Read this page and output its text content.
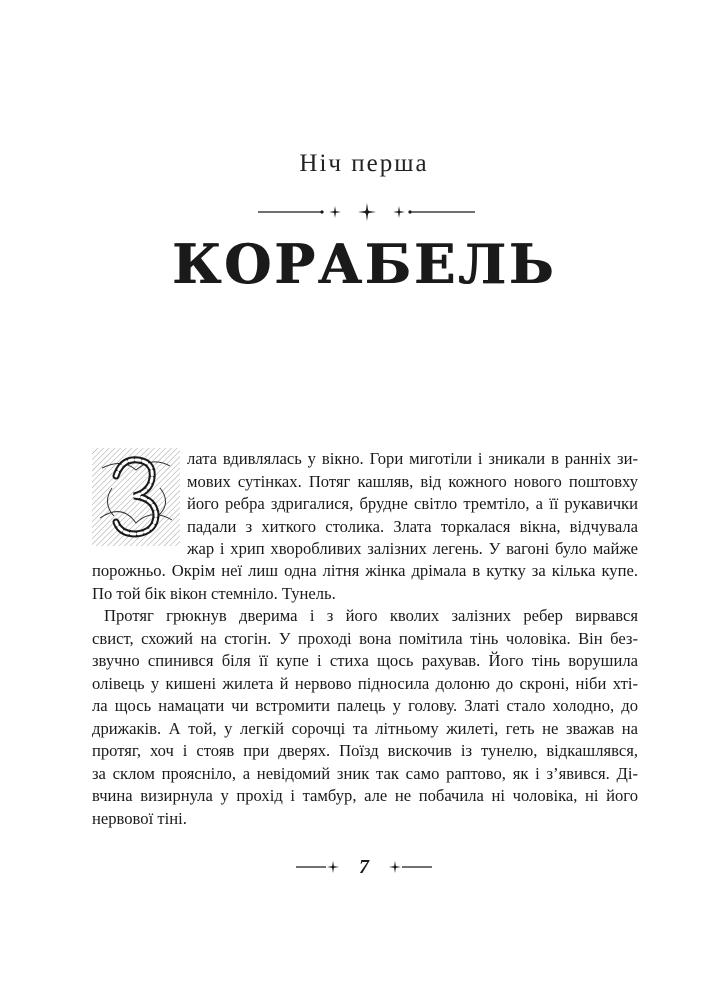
Ніч перша
КОРАБЕЛЬ
З
лата вдивлялась у вікно. Гори миготіли і зникали в ранніх зи-
мових сутінках. Потяг кашляв, від кожного нового поштовху
його ребра здригалися, брудне світло тремтіло, а її рукавички
падали з хиткого столика. Злата торкалася вікна, відчувала
жар і хрип хворобливих залізних легень. У вагоні було майже
порожньо. Окрім неї лиш одна літня жінка дрімала в кутку за кілька купе.
По той бік вікон стемніло. Тунель.
Протяг грюкнув дверима і з його кволих залізних ребер вирвався
свист, схожий на стогін. У проході вона помітила тінь чоловіка. Він без-
звучно спинився біля її купе і стиха щось рахував. Його тінь ворушила
олівець у кишені жилета й нервово підносила долоню до скроні, ніби хті-
ла щось намацати чи встромити палець у голову. Златі стало холодно, до
дрижаків. А той, у легкій сорочці та літньому жилеті, геть не зважав на
протяг, хоч і стояв при дверях. Поїзд вискочив із тунелю, відкашлявся,
за склом прояснілo, а невідомий зник так само раптово, як і з’явився. Ді-
вчина визирнула у прохід і тамбур, але не побачила ні чоловіка, ні його
нервової тіні.
7
